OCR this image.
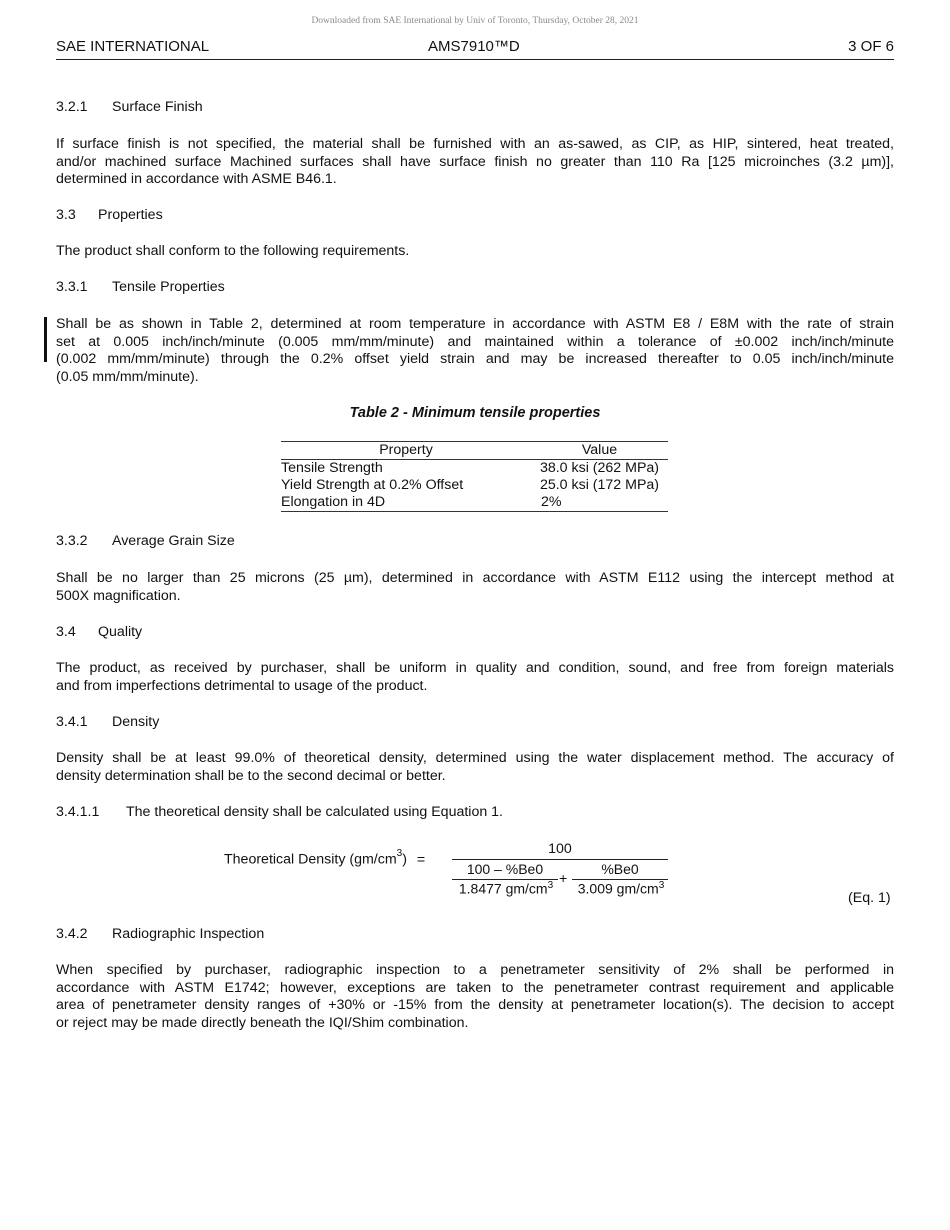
Downloaded from SAE International by Univ of Toronto, Thursday, October 28, 2021
SAE INTERNATIONAL	AMS7910™D	3 OF 6
3.2.1 Surface Finish
If surface finish is not specified, the material shall be furnished with an as-sawed, as CIP, as HIP, sintered, heat treated,
and/or machined surface Machined surfaces shall have surface finish no greater than 110 Ra [125 microinches (3.2 µm)],
determined in accordance with ASME B46.1.
3.3 Properties
The product shall conform to the following requirements.
3.3.1 Tensile Properties
Shall be as shown in Table 2, determined at room temperature in accordance with ASTM E8 / E8M with the rate of strain
set at 0.005 inch/inch/minute (0.005 mm/mm/minute) and maintained within a tolerance of ±0.002 inch/inch/minute
(0.002 mm/mm/minute) through the 0.2% offset yield strain and may be increased thereafter to 0.05 inch/inch/minute
(0.05 mm/mm/minute).
Table 2 - Minimum tensile properties
Property	Value
Tensile Strength	38.0 ksi (262 MPa)
Yield Strength at 0.2% Offset	25.0 ksi (172 MPa)
Elongation in 4D	2%
3.3.2 Average Grain Size
Shall be no larger than 25 microns (25 µm), determined in accordance with ASTM E112 using the intercept method at
500X magnification.
3.4 Quality
The product, as received by purchaser, shall be uniform in quality and condition, sound, and free from foreign materials
and from imperfections detrimental to usage of the product.
3.4.1 Density
Density shall be at least 99.0% of theoretical density, determined using the water displacement method. The accuracy of
density determination shall be to the second decimal or better.
3.4.1.1 The theoretical density shall be calculated using Equation 1.
Theoretical Density $(gm/cm^3)$ =
100
100 – %Be0
1.8477 $gm/cm^3$ +
%Be0
3.009 $gm/cm^3$
(Eq. 1)
3.4.2 Radiographic Inspection
When specified by purchaser, radiographic inspection to a penetrameter sensitivity of 2% shall be performed in
accordance with ASTM E1742; however, exceptions are taken to the penetrameter contrast requirement and applicable
area of penetrameter density ranges of +30% or -15% from the density at penetrameter location(s). The decision to accept
or reject may be made directly beneath the IQI/Shim combination.
